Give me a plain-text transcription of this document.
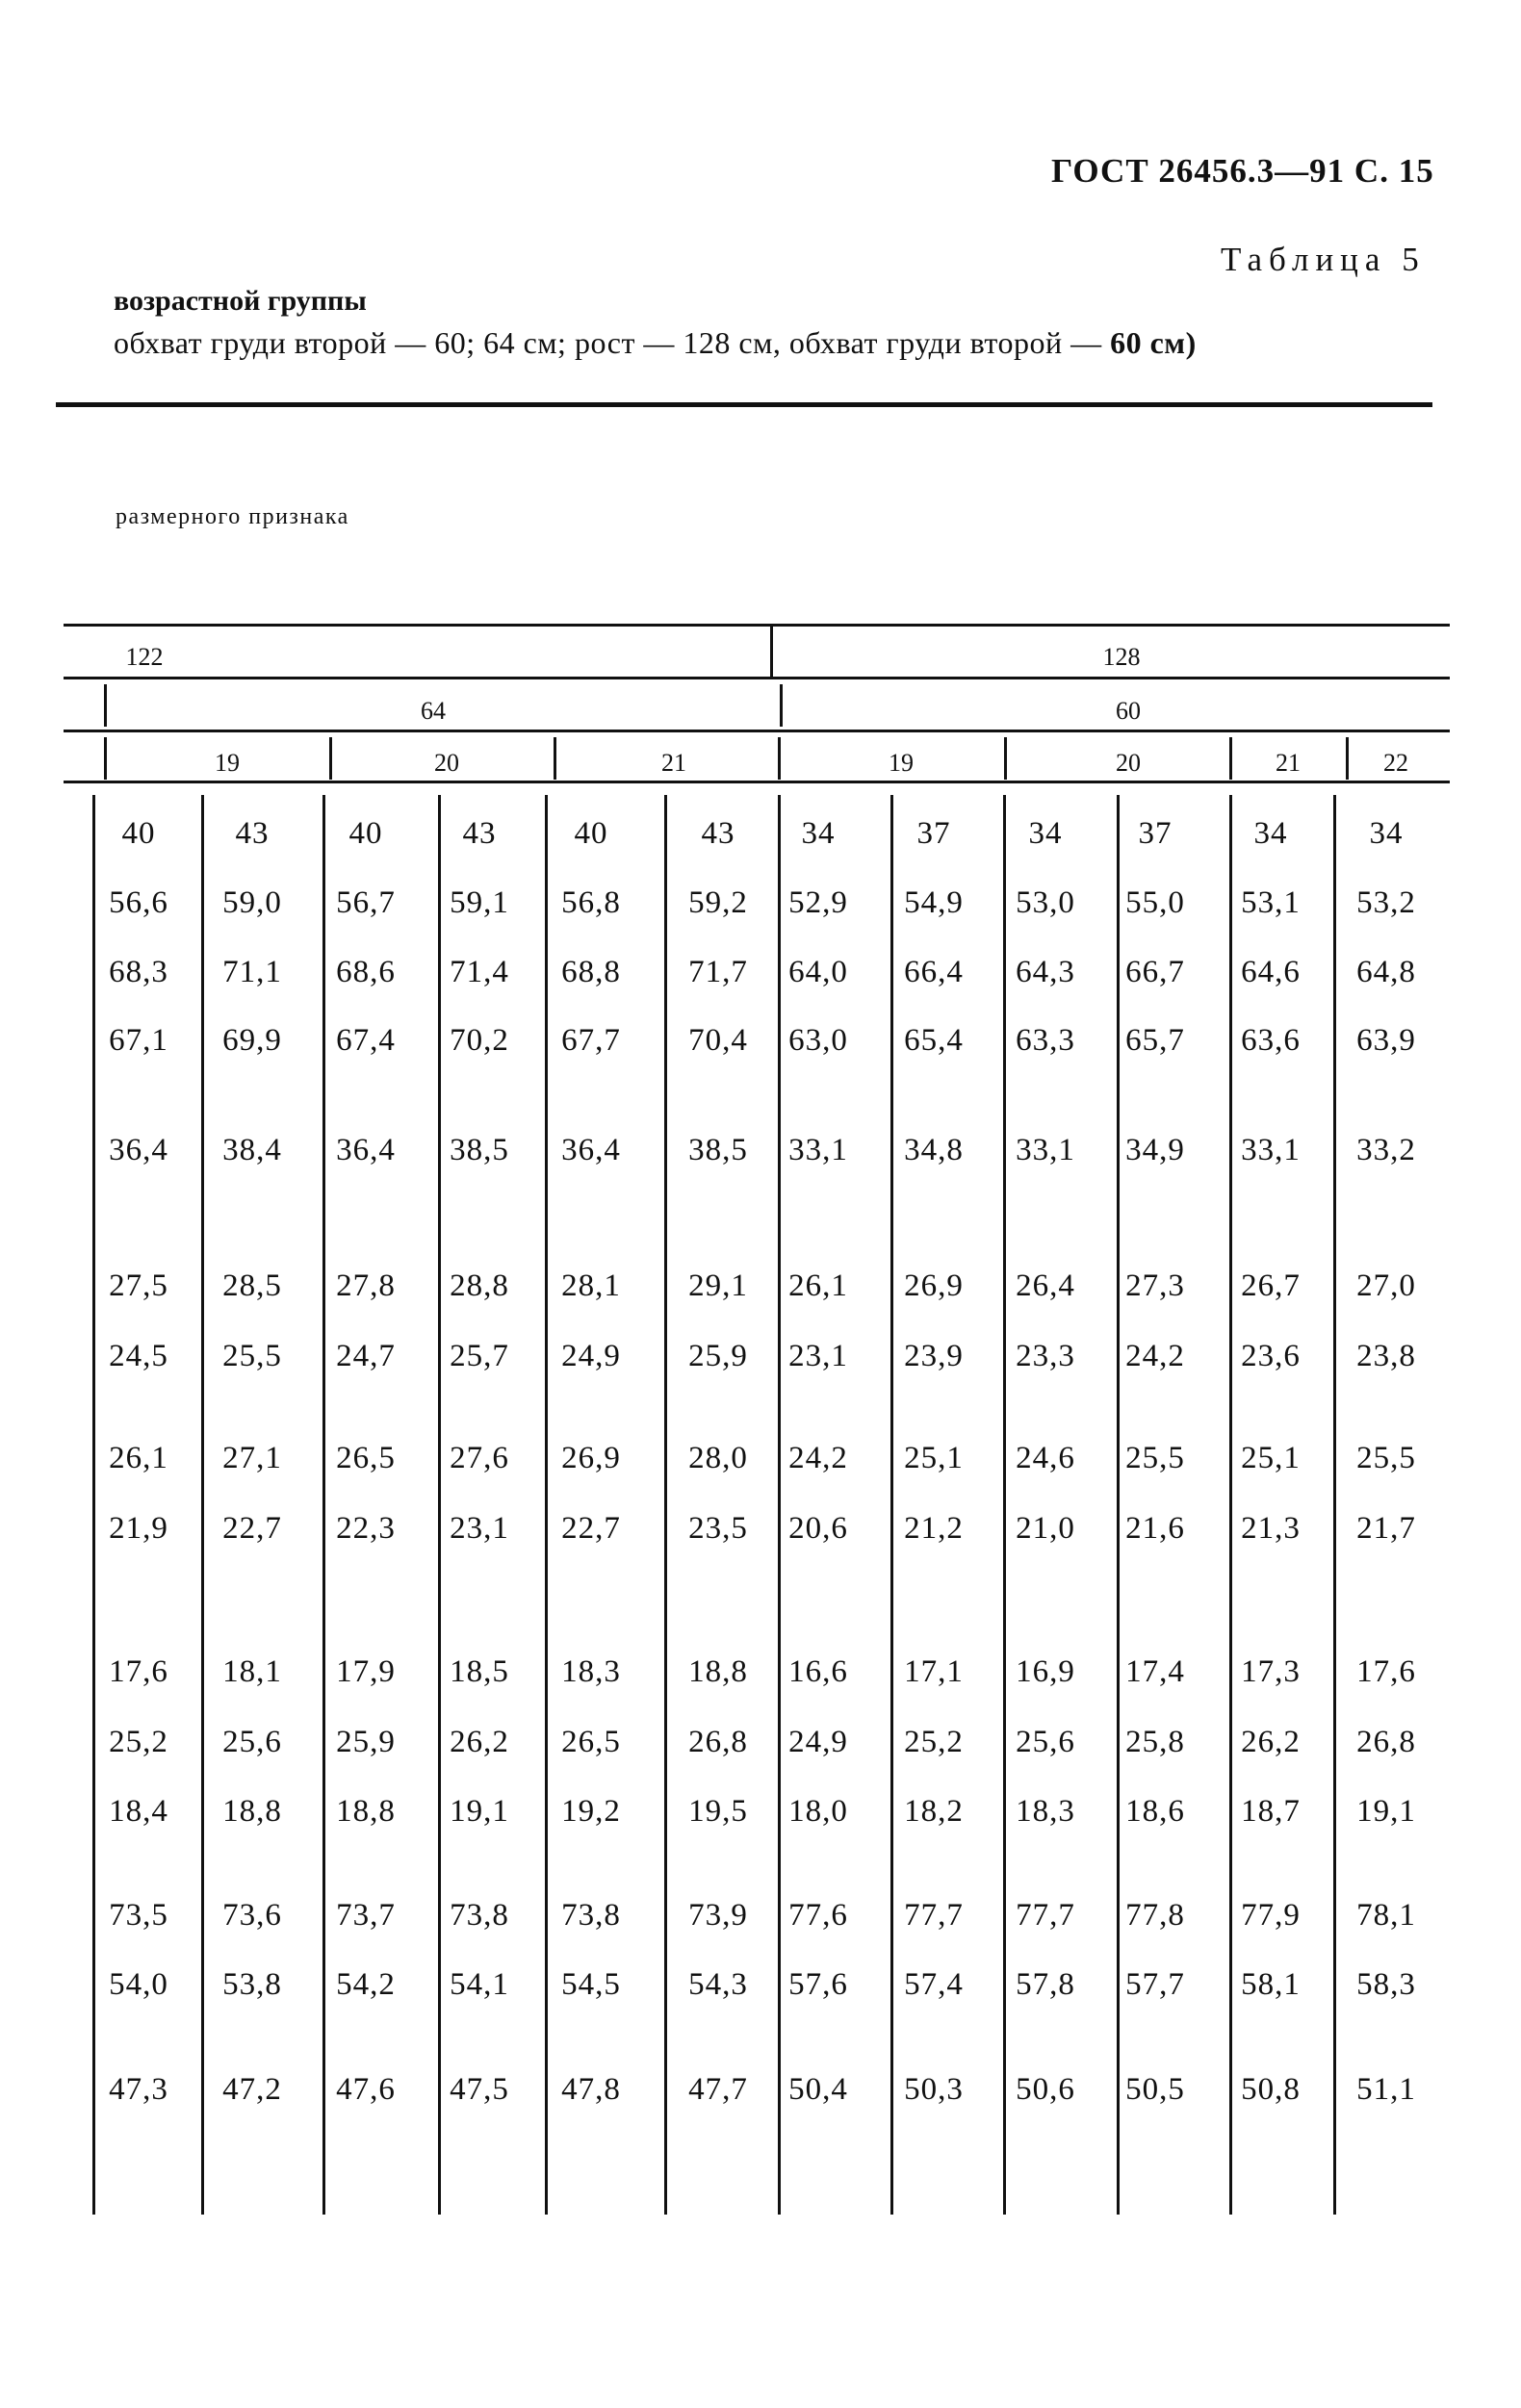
ГОСТ 26456.3—91 С. 15
Таблица 5
возрастной группы
обхват груди второй — 60; 64 см; рост — 128 см, обхват груди второй — 60 см)
размерного признака
122	128
64	60
19	20	21	19	20	21	22
40	43	40	43	40	43	34	37	34	37	34	34
56,6	59,0	56,7	59,1	56,8	59,2	52,9	54,9	53,0	55,0	53,1	53,2
68,3	71,1	68,6	71,4	68,8	71,7	64,0	66,4	64,3	66,7	64,6	64,8
67,1	69,9	67,4	70,2	67,7	70,4	63,0	65,4	63,3	65,7	63,6	63,9
36,4	38,4	36,4	38,5	36,4	38,5	33,1	34,8	33,1	34,9	33,1	33,2
27,5	28,5	27,8	28,8	28,1	29,1	26,1	26,9	26,4	27,3	26,7	27,0
24,5	25,5	24,7	25,7	24,9	25,9	23,1	23,9	23,3	24,2	23,6	23,8
26,1	27,1	26,5	27,6	26,9	28,0	24,2	25,1	24,6	25,5	25,1	25,5
21,9	22,7	22,3	23,1	22,7	23,5	20,6	21,2	21,0	21,6	21,3	21,7
17,6	18,1	17,9	18,5	18,3	18,8	16,6	17,1	16,9	17,4	17,3	17,6
25,2	25,6	25,9	26,2	26,5	26,8	24,9	25,2	25,6	25,8	26,2	26,8
18,4	18,8	18,8	19,1	19,2	19,5	18,0	18,2	18,3	18,6	18,7	19,1
73,5	73,6	73,7	73,8	73,8	73,9	77,6	77,7	77,7	77,8	77,9	78,1
54,0	53,8	54,2	54,1	54,5	54,3	57,6	57,4	57,8	57,7	58,1	58,3
47,3	47,2	47,6	47,5	47,8	47,7	50,4	50,3	50,6	50,5	50,8	51,1
